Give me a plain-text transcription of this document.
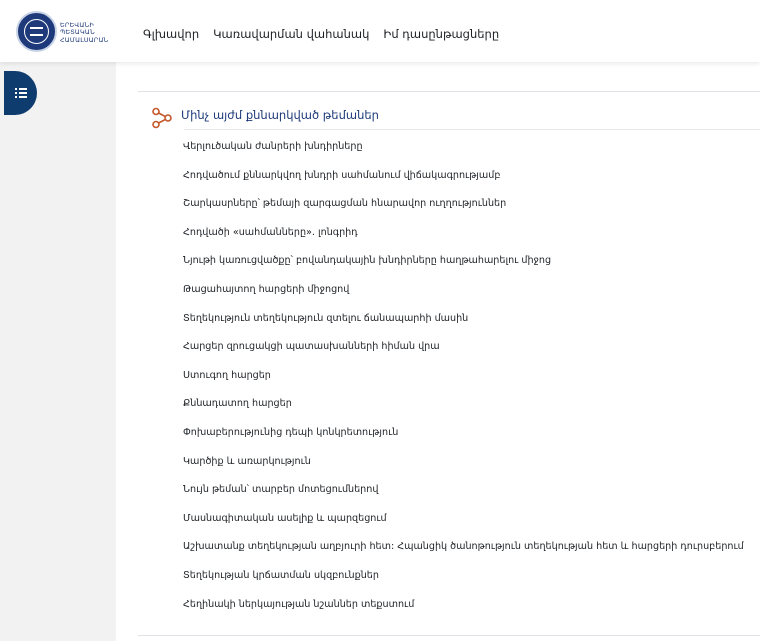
ԵՐԵՎԱՆԻ
ՊԵՏԱԿԱՆ
ՀԱՄԱԼՍԱՐԱՆ	Գլխավոր Կառավարման վահանակ Իմ դասընթացները
Մինչ այժմ քննարկված թեմաներ
Վերլուծական ժանրերի խնդիրները
Հոդվածում քննարկվող խնդրի սահմանում վիճակագրությամբ
Շարկասրները՝ թեմայի զարգացման հնարավոր ուղղություններ
Հոդվածի «սահմանները». լոնգրիդ
Նյութի կառուցվածքը՝ բովանդակային խնդիրները հաղթահարելու միջոց
Թացահայտող հարցերի միջոցով
Տեղեկություն տեղեկություն զտելու ճանապարհի մասին
Հարցեր զրուցակցի պատասխանների հիման վրա
Ստուգող հարցեր
Քննադատող հարցեր
Փոխաբերությունից դեպի կոնկրետություն
Կարծիք և առարկություն
Նույն թեման՝ տարբեր մոտեցումներով
Մասնագիտական ասելիք և պարզեցում
Աշխատանք տեղեկության աղբյուրի հետ: Հպանցիկ ծանոթություն տեղեկության հետ և հարցերի դուրսբերում
Տեղեկության կրճատման սկզբունքներ
Հեղինակի ներկայության նշաններ տեքստում
